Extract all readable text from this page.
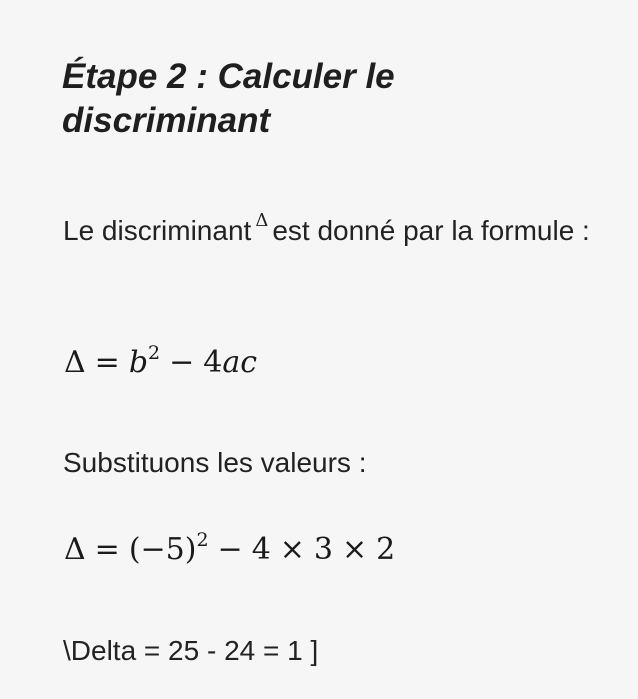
Étape 2 : Calculer le discriminant

Le discriminant $^\Delta$ est donné par la formule :

$\Delta = b^2 - 4ac$

Substituons les valeurs :

$\Delta = (-5)^2 - 4 \times 3 \times 2$

\Delta = 25 - 24 = 1 ]
